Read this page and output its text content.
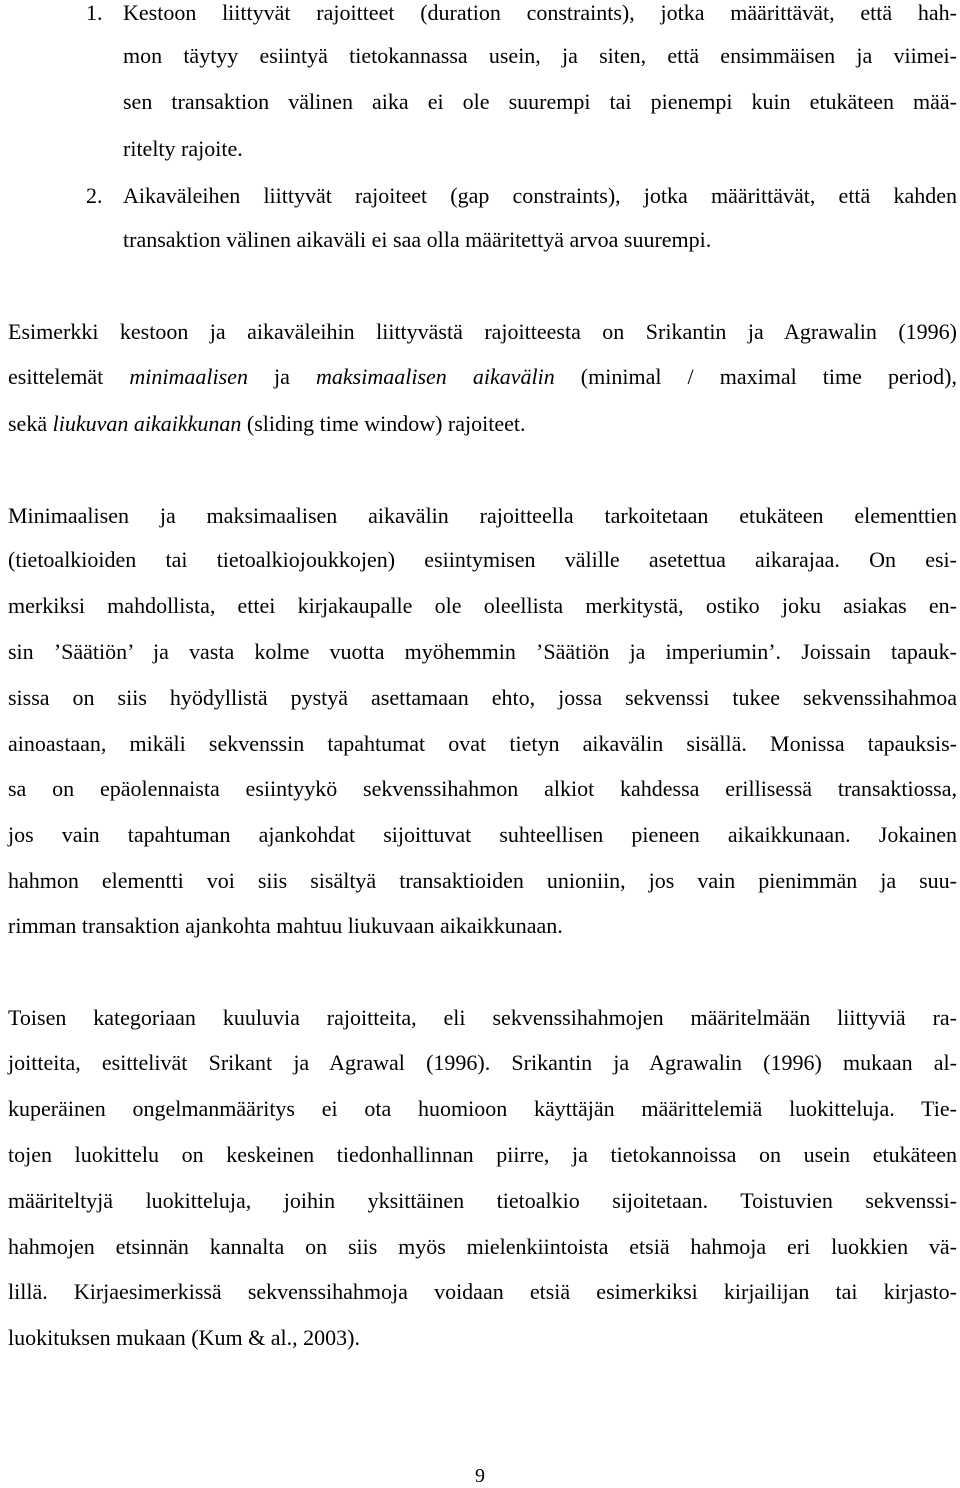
1. Kestoon liittyvät rajoitteet (duration constraints), jotka määrittävät, että hah-
mon täytyy esiintyä tietokannassa usein, ja siten, että ensimmäisen ja viimei-
sen transaktion välinen aika ei ole suurempi tai pienempi kuin etukäteen mää-
ritelty rajoite.
2. Aikaväleihen liittyvät rajoiteet (gap constraints), jotka määrittävät, että kahden
transaktion välinen aikaväli ei saa olla määritettyä arvoa suurempi.
Esimerkki kestoon ja aikaväleihin liittyvästä rajoitteesta on Srikantin ja Agrawalin (1996)
esittelemät minimaalisen ja maksimaalisen aikavälin (minimal / maximal time period),
sekä liukuvan aikaikkunan (sliding time window) rajoiteet.
Minimaalisen ja maksimaalisen aikavälin rajoitteella tarkoitetaan etukäteen elementtien
(tietoalkioiden tai tietoalkiojoukkojen) esiintymisen välille asetettua aikarajaa. On esi-
merkiksi mahdollista, ettei kirjakaupalle ole oleellista merkitystä, ostiko joku asiakas en-
sin ’Säätiön’ ja vasta kolme vuotta myöhemmin ’Säätiön ja imperiumin’. Joissain tapauk-
sissa on siis hyödyllistä pystyä asettamaan ehto, jossa sekvenssi tukee sekvenssihahmoa
ainoastaan, mikäli sekvenssin tapahtumat ovat tietyn aikavälin sisällä. Monissa tapauksis-
sa on epäolennaista esiintyykö sekvenssihahmon alkiot kahdessa erillisessä transaktiossa,
jos vain tapahtuman ajankohdat sijoittuvat suhteellisen pieneen aikaikkunaan. Jokainen
hahmon elementti voi siis sisältyä transaktioiden unioniin, jos vain pienimmän ja suu-
rimman transaktion ajankohta mahtuu liukuvaan aikaikkunaan.
Toisen kategoriaan kuuluvia rajoitteita, eli sekvenssihahmojen määritelmään liittyviä ra-
joitteita, esittelivät Srikant ja Agrawal (1996). Srikantin ja Agrawalin (1996) mukaan al-
kuperäinen ongelmanmääritys ei ota huomioon käyttäjän määrittelemiä luokitteluja. Tie-
tojen luokittelu on keskeinen tiedonhallinnan piirre, ja tietokannoissa on usein etukäteen
määriteltyjä luokitteluja, joihin yksittäinen tietoalkio sijoitetaan. Toistuvien sekvenssi-
hahmojen etsinnän kannalta on siis myös mielenkiintoista etsiä hahmoja eri luokkien vä-
lillä. Kirjaesimerkissä sekvenssihahmoja voidaan etsiä esimerkiksi kirjailijan tai kirjasto-
luokituksen mukaan (Kum & al., 2003).
9
